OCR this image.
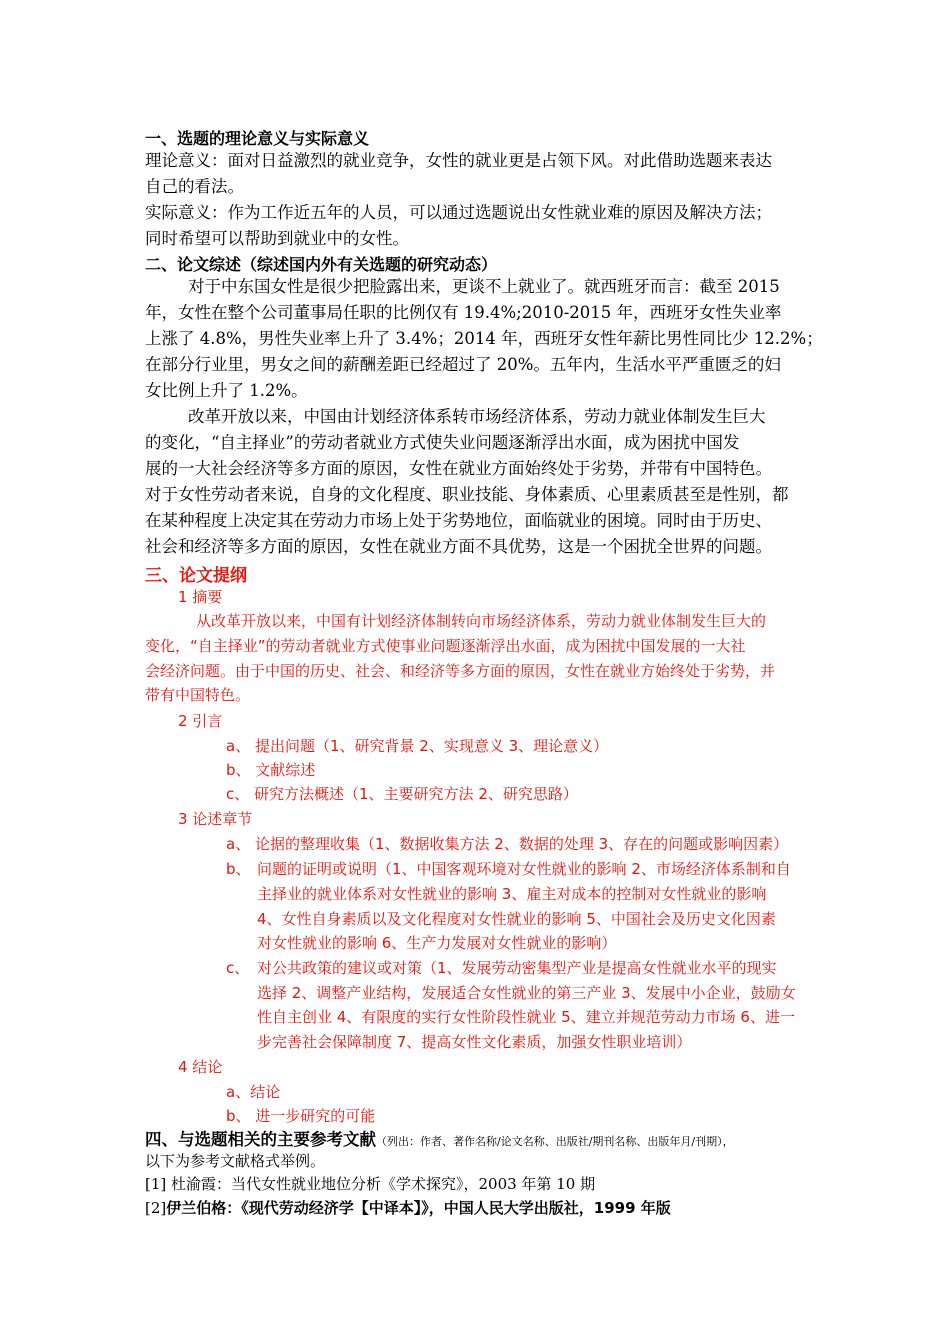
一、选题的理论意义与实际意义
理论意义：面对日益激烈的就业竞争，女性的就业更是占领下风。对此借助选题来表达
自己的看法。
实际意义：作为工作近五年的人员，可以通过选题说出女性就业难的原因及解决方法；
同时希望可以帮助到就业中的女性。
二、论文综述（综述国内外有关选题的研究动态）
对于中东国女性是很少把脸露出来，更谈不上就业了。就西班牙而言：截至 2015
年，女性在整个公司董事局任职的比例仅有 19.4%;2010-2015 年，西班牙女性失业率
上涨了 4.8%，男性失业率上升了 3.4%；2014 年，西班牙女性年薪比男性同比少 12.2%；
在部分行业里，男女之间的薪酬差距已经超过了 20%。五年内，生活水平严重匮乏的妇
女比例上升了 1.2%。
改革开放以来，中国由计划经济体系转市场经济体系，劳动力就业体制发生巨大
的变化，“自主择业”的劳动者就业方式使失业问题逐渐浮出水面，成为困扰中国发
展的一大社会经济等多方面的原因，女性在就业方面始终处于劣势，并带有中国特色。
对于女性劳动者来说，自身的文化程度、职业技能、身体素质、心里素质甚至是性别，都
在某种程度上决定其在劳动力市场上处于劣势地位，面临就业的困境。同时由于历史、
社会和经济等多方面的原因，女性在就业方面不具优势，这是一个困扰全世界的问题。
三、论文提纲
1 摘要
从改革开放以来，中国有计划经济体制转向市场经济体系，劳动力就业体制发生巨大的
变化，“自主择业”的劳动者就业方式使事业问题逐渐浮出水面，成为困扰中国发展的一大社
会经济问题。由于中国的历史、社会、和经济等多方面的原因，女性在就业方始终处于劣势，并
带有中国特色。
2 引言
a、 提出问题（1、研究背景 2、实现意义 3、理论意义）
b、 文献综述
c、 研究方法概述（1、主要研究方法 2、研究思路）
3 论述章节
a、 论据的整理收集（1、数据收集方法 2、数据的处理 3、存在的问题或影响因素）
b、 问题的证明或说明（1、中国客观环境对女性就业的影响 2、市场经济体系制和自
主择业的就业体系对女性就业的影响 3、雇主对成本的控制对女性就业的影响
4、女性自身素质以及文化程度对女性就业的影响 5、中国社会及历史文化因素
对女性就业的影响 6、生产力发展对女性就业的影响）
c、 对公共政策的建议或对策（1、发展劳动密集型产业是提高女性就业水平的现实
选择 2、调整产业结构，发展适合女性就业的第三产业 3、发展中小企业，鼓励女
性自主创业 4、有限度的实行女性阶段性就业 5、建立并规范劳动力市场 6、进一
步完善社会保障制度 7、提高女性文化素质，加强女性职业培训）
4 结论
a、结论
b、 进一步研究的可能
四、与选题相关的主要参考文献（列出：作者、著作名称/论文名称、出版社/期刊名称、出版年月/刊期），
以下为参考文献格式举例。
[1] 杜渝霞：当代女性就业地位分析《学术探究》，2003 年第 10 期
[2]伊兰伯格：《现代劳动经济学【中译本】》，中国人民大学出版社，1999 年版
